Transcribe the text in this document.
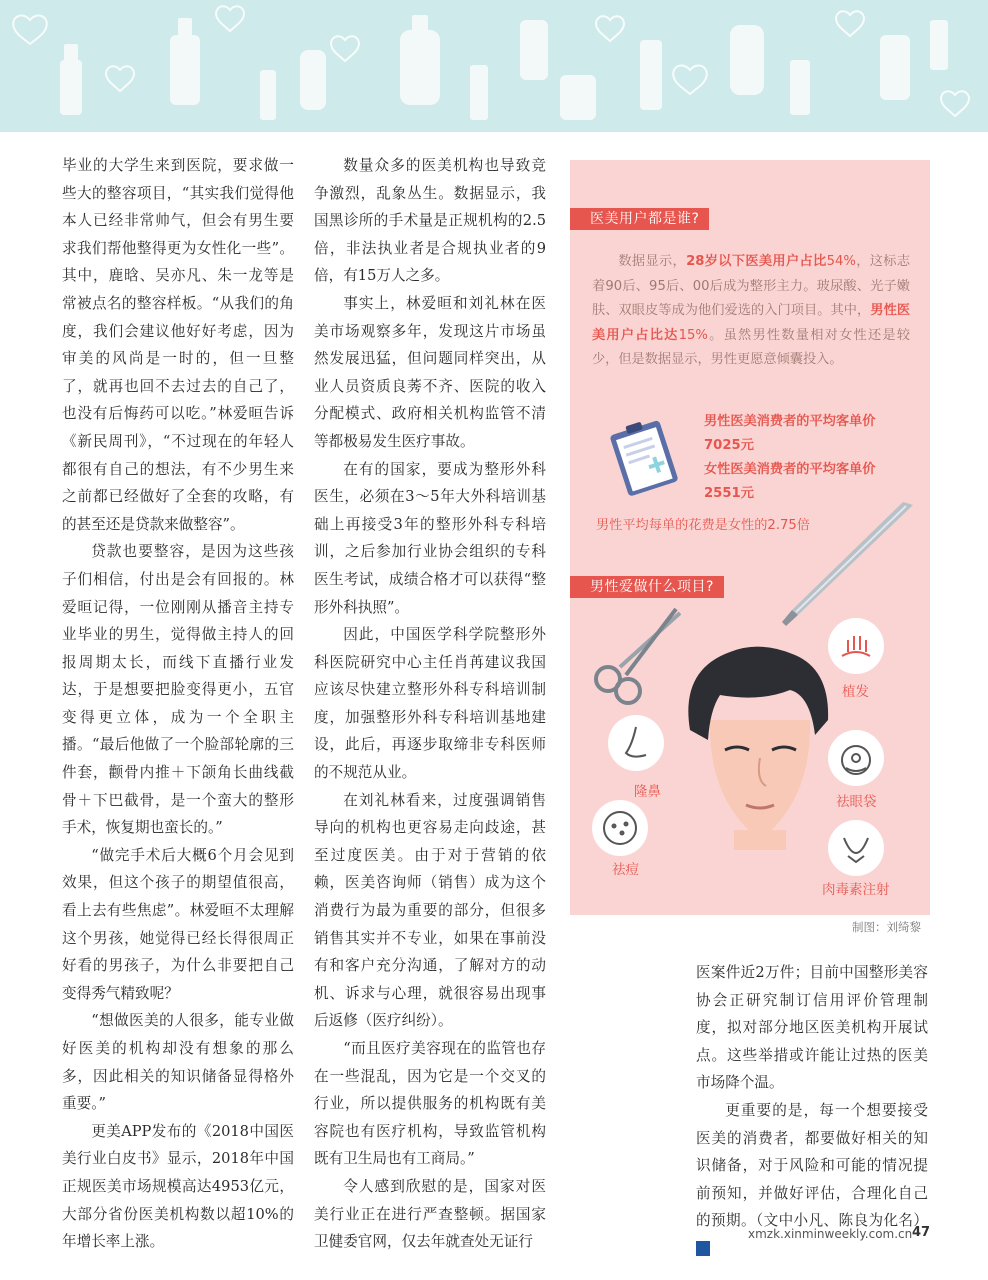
毕业的大学生来到医院，要求做一些大的整容项目，“其实我们觉得他本人已经非常帅气，但会有男生要求我们帮他整得更为女性化一些”。其中，鹿晗、吴亦凡、朱一龙等是常被点名的整容样板。“从我们的角度，我们会建议他好好考虑，因为审美的风尚是一时的，但一旦整了，就再也回不去过去的自己了，也没有后悔药可以吃。”林爱晅告诉《新民周刊》，“不过现在的年轻人都很有自己的想法，有不少男生来之前都已经做好了全套的攻略，有的甚至还是贷款来做整容”。

贷款也要整容，是因为这些孩子们相信，付出是会有回报的。林爱晅记得，一位刚刚从播音主持专业毕业的男生，觉得做主持人的回报周期太长，而线下直播行业发达，于是想要把脸变得更小，五官变得更立体，成为一个全职主播。“最后他做了一个脸部轮廓的三件套，颧骨内推＋下颌角长曲线截骨＋下巴截骨，是一个蛮大的整形手术，恢复期也蛮长的。”

“做完手术后大概6个月会见到效果，但这个孩子的期望值很高，看上去有些焦虑”。林爱晅不太理解这个男孩，她觉得已经长得很周正好看的男孩子，为什么非要把自己变得秀气精致呢？

“想做医美的人很多，能专业做好医美的机构却没有想象的那么多，因此相关的知识储备显得格外重要。”

更美APP发布的《2018中国医美行业白皮书》显示，2018年中国正规医美市场规模高达4953亿元，大部分省份医美机构数以超10%的年增长率上涨。

数量众多的医美机构也导致竞争激烈，乱象丛生。数据显示，我国黑诊所的手术量是正规机构的2.5倍，非法执业者是合规执业者的9倍，有15万人之多。

事实上，林爱晅和刘礼林在医美市场观察多年，发现这片市场虽然发展迅猛，但问题同样突出，从业人员资质良莠不齐、医院的收入分配模式、政府相关机构监管不清等都极易发生医疗事故。

在有的国家，要成为整形外科医生，必须在3～5年大外科培训基础上再接受3年的整形外科专科培训，之后参加行业协会组织的专科医生考试，成绩合格才可以获得“整形外科执照”。

因此，中国医学科学院整形外科医院研究中心主任肖苒建议我国应该尽快建立整形外科专科培训制度，加强整形外科专科培训基地建设，此后，再逐步取缔非专科医师的不规范从业。

在刘礼林看来，过度强调销售导向的机构也更容易走向歧途，甚至过度医美。由于对于营销的依赖，医美咨询师（销售）成为这个消费行为最为重要的部分，但很多销售其实并不专业，如果在事前没有和客户充分沟通，了解对方的动机、诉求与心理，就很容易出现事后返修（医疗纠纷）。

“而且医疗美容现在的监管也存在一些混乱，因为它是一个交叉的行业，所以提供服务的机构既有美容院也有医疗机构，导致监管机构既有卫生局也有工商局。”

令人感到欣慰的是，国家对医美行业正在进行严查整顿。据国家卫健委官网，仅去年就查处无证行

医美用户都是谁?
数据显示，28岁以下医美用户占比54%，这标志着90后、95后、00后成为整形主力。玻尿酸、光子嫩肤、双眼皮等成为他们爱选的入门项目。其中，男性医美用户占比达15%。虽然男性数量相对女性还是较少，但是数据显示，男性更愿意倾囊投入。
男性医美消费者的平均客单价
7025元
女性医美消费者的平均客单价
2551元
男性平均每单的花费是女性的2.75倍
男性爱做什么项目?
植发
隆鼻
祛眼袋
祛痘
肉毒素注射
制图：刘绮黎

医案件近2万件；目前中国整形美容协会正研究制订信用评价管理制度，拟对部分地区医美机构开展试点。这些举措或许能让过热的医美市场降个温。

更重要的是，每一个想要接受医美的消费者，都要做好相关的知识储备，对于风险和可能的情况提前预知，并做好评估，合理化自己的预期。（文中小凡、陈良为化名）民

xmzk.xinminweekly.com.cn 47
